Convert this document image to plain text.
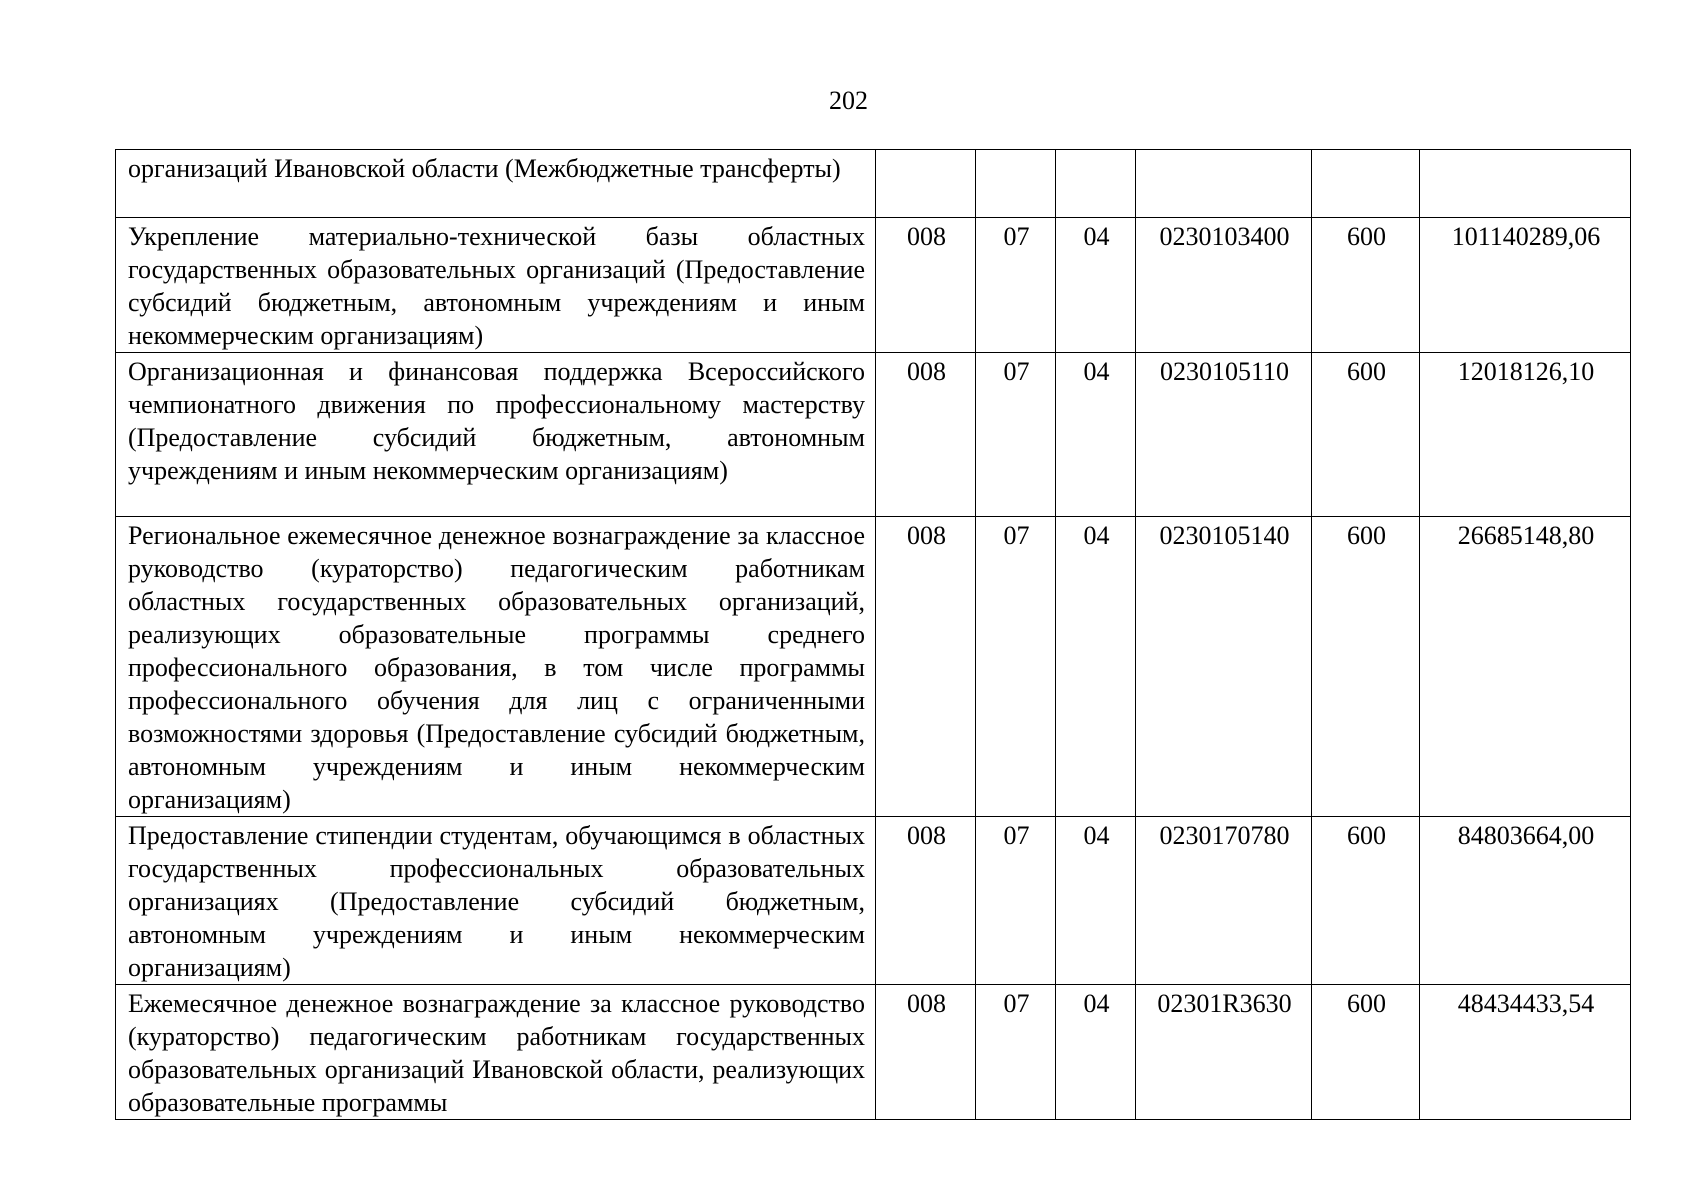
202
организаций Ивановской области (Межбюджетные трансферты)						
Укрепление материально-технической базы областных государственных образовательных организаций (Предоставление субсидий бюджетным, автономным учреждениям и иным некоммерческим организациям)	008	07	04	0230103400	600	101140289,06
Организационная и финансовая поддержка Всероссийского чемпионатного движения по профессиональному мастерству (Предоставление субсидий бюджетным, автономным учреждениям и иным некоммерческим организациям)	008	07	04	0230105110	600	12018126,10
Региональное ежемесячное денежное вознаграждение за классное руководство (кураторство) педагогическим работникам областных государственных образовательных организаций, реализующих образовательные программы среднего профессионального образования, в том числе программы профессионального обучения для лиц с ограниченными возможностями здоровья (Предоставление субсидий бюджетным, автономным учреждениям и иным некоммерческим организациям)	008	07	04	0230105140	600	26685148,80
Предоставление стипендии студентам, обучающимся в областных государственных профессиональных образовательных организациях (Предоставление субсидий бюджетным, автономным учреждениям и иным некоммерческим организациям)	008	07	04	0230170780	600	84803664,00
Ежемесячное денежное вознаграждение за классное руководство (кураторство) педагогическим работникам государственных образовательных организаций Ивановской области, реализующих образовательные программы	008	07	04	02301R3630	600	48434433,54
